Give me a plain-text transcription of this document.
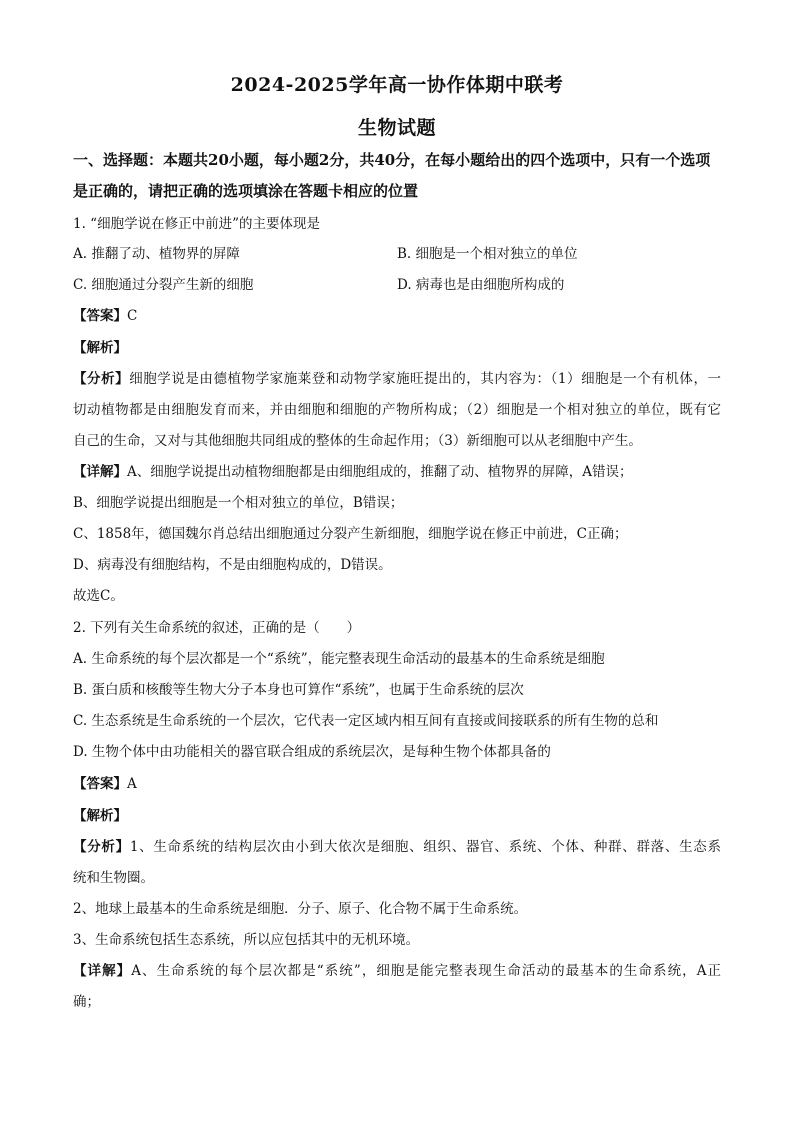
2024-2025学年高一协作体期中联考
生物试题

一、选择题：本题共20小题，每小题2分，共40分，在每小题给出的四个选项中，只有一个选项是正确的，请把正确的选项填涂在答题卡相应的位置

1. “细胞学说在修正中前进”的主要体现是
A. 推翻了动、植物界的屏障	B. 细胞是一个相对独立的单位
C. 细胞通过分裂产生新的细胞	D. 病毒也是由细胞所构成的
【答案】C
【解析】
【分析】细胞学说是由德植物学家施莱登和动物学家施旺提出的，其内容为：（1）细胞是一个有机体，一
切动植物都是由细胞发育而来，并由细胞和细胞的产物所构成；（2）细胞是一个相对独立的单位，既有它
自己的生命，又对与其他细胞共同组成的整体的生命起作用；（3）新细胞可以从老细胞中产生。
【详解】A、细胞学说提出动植物细胞都是由细胞组成的，推翻了动、植物界的屏障，A错误；
B、细胞学说提出细胞是一个相对独立的单位，B错误；
C、1858年，德国魏尔肖总结出细胞通过分裂产生新细胞，细胞学说在修正中前进，C正确；
D、病毒没有细胞结构，不是由细胞构成的，D错误。
故选C。
2. 下列有关生命系统的叙述，正确的是（　　）
A. 生命系统的每个层次都是一个“系统”，能完整表现生命活动的最基本的生命系统是细胞
B. 蛋白质和核酸等生物大分子本身也可算作“系统”，也属于生命系统的层次
C. 生态系统是生命系统的一个层次，它代表一定区域内相互间有直接或间接联系的所有生物的总和
D. 生物个体中由功能相关的器官联合组成的系统层次，是每种生物个体都具备的
【答案】A
【解析】
【分析】1、生命系统的结构层次由小到大依次是细胞、组织、器官、系统、个体、种群、群落、生态系
统和生物圈。
2、地球上最基本的生命系统是细胞．分子、原子、化合物不属于生命系统。
3、生命系统包括生态系统，所以应包括其中的无机环境。
【详解】A、生命系统的每个层次都是“系统”，细胞是能完整表现生命活动的最基本的生命系统，A正
确；
